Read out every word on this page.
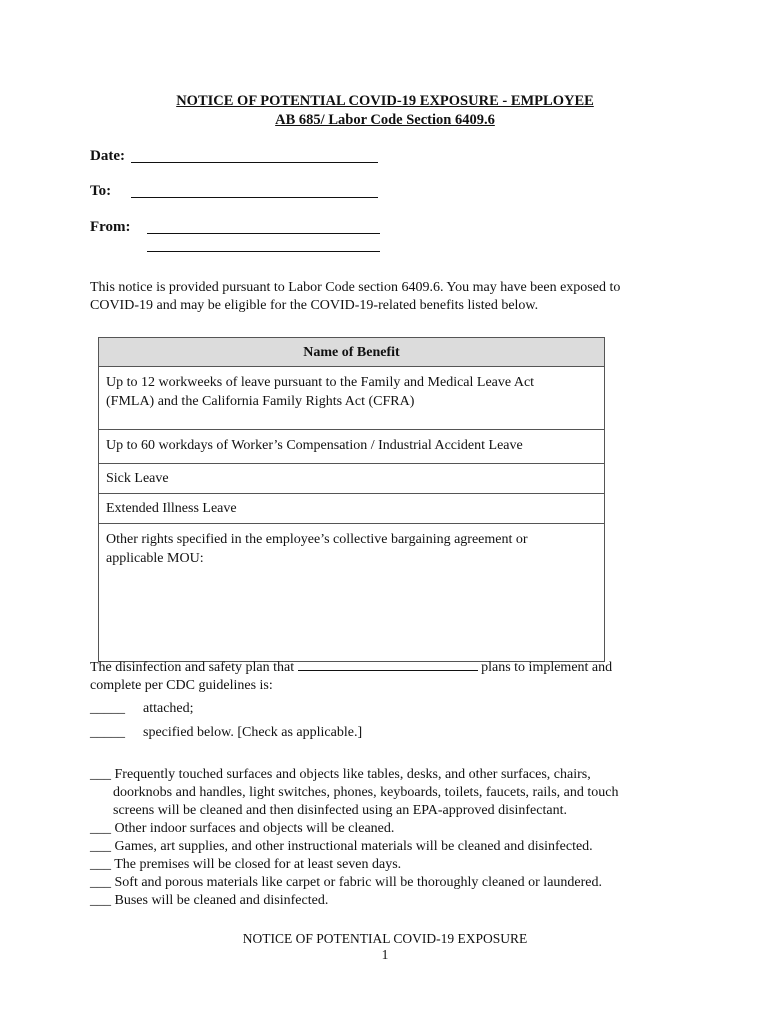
NOTICE OF POTENTIAL COVID-19 EXPOSURE - EMPLOYEE
AB 685/ Labor Code Section 6409.6
Date:
To:
From:
This notice is provided pursuant to Labor Code section 6409.6. You may have been exposed to
COVID-19 and may be eligible for the COVID-19-related benefits listed below.
Name of Benefit

Up to 12 workweeks of leave pursuant to the Family and Medical Leave Act
(FMLA) and the California Family Rights Act (CFRA)

Up to 60 workdays of Worker’s Compensation / Industrial Accident Leave

Sick Leave

Extended Illness Leave

Other rights specified in the employee’s collective bargaining agreement or
applicable MOU:
The disinfection and safety plan that	plans to implement and
complete per CDC guidelines is:
_____ attached;
_____ specified below. [Check as applicable.]
___ Frequently touched surfaces and objects like tables, desks, and other surfaces, chairs,
doorknobs and handles, light switches, phones, keyboards, toilets, faucets, rails, and touch
screens will be cleaned and then disinfected using an EPA-approved disinfectant.
___ Other indoor surfaces and objects will be cleaned.
___ Games, art supplies, and other instructional materials will be cleaned and disinfected.
___ The premises will be closed for at least seven days.
___ Soft and porous materials like carpet or fabric will be thoroughly cleaned or laundered.
___ Buses will be cleaned and disinfected.
NOTICE OF POTENTIAL COVID-19 EXPOSURE
1
